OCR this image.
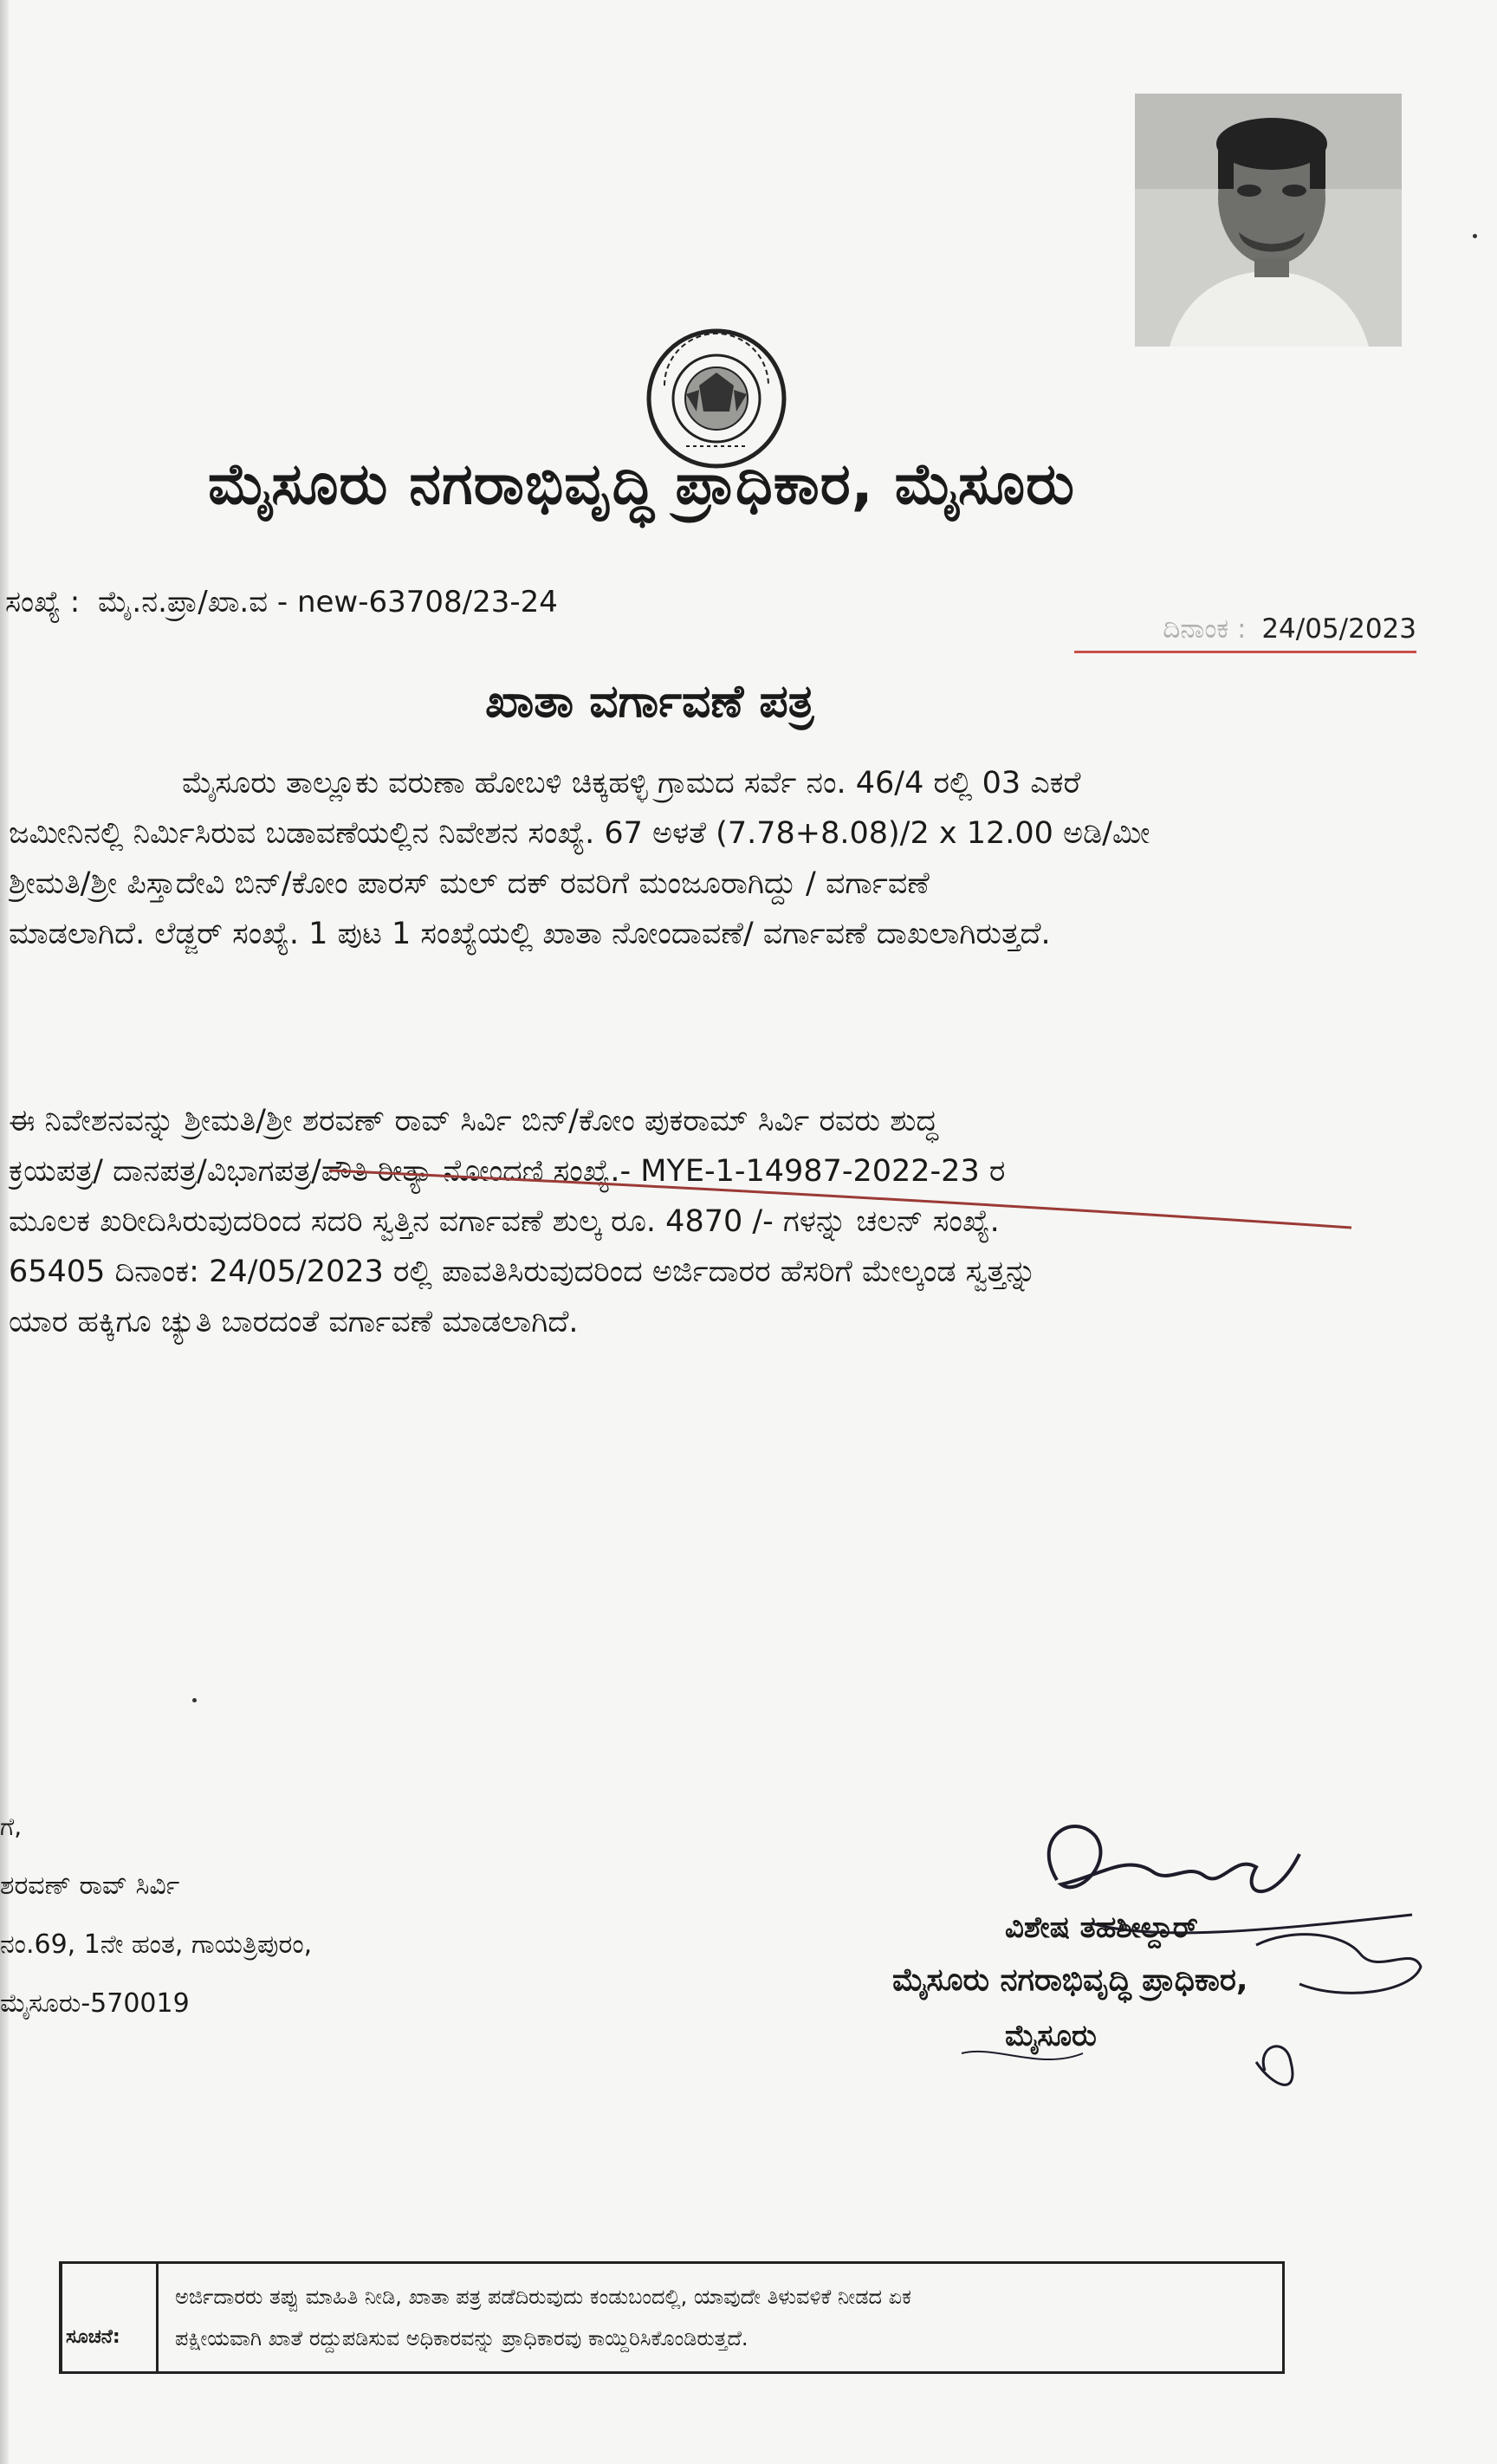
ಮೈಸೂರು ನಗರಾಭಿವೃದ್ಧಿ ಪ್ರಾಧಿಕಾರ, ಮೈಸೂರು
ಸಂಖ್ಯೆ : ಮೈ.ನ.ಪ್ರಾ/ಖಾ.ವ - new-63708/23-24
ದಿನಾಂಕ : 24/05/2023
ಖಾತಾ ವರ್ಗಾವಣೆ ಪತ್ರ
ಮೈಸೂರು ತಾಲ್ಲೂಕು ವರುಣಾ ಹೋಬಳಿ ಚಿಕ್ಕಹಳ್ಳಿ ಗ್ರಾಮದ ಸರ್ವೆ ನಂ. 46/4 ರಲ್ಲಿ 03 ಎಕರೆ
ಜಮೀನಿನಲ್ಲಿ ನಿರ್ಮಿಸಿರುವ ಬಡಾವಣೆಯಲ್ಲಿನ ನಿವೇಶನ ಸಂಖ್ಯೆ. 67 ಅಳತೆ (7.78+8.08)/2 x 12.00 ಅಡಿ/ಮೀ
ಶ್ರೀಮತಿ/ಶ್ರೀ ಪಿಸ್ತಾದೇವಿ ಬಿನ್/ಕೋಂ ಪಾರಸ್ ಮಲ್ ದಕ್ ರವರಿಗೆ ಮಂಜೂರಾಗಿದ್ದು / ವರ್ಗಾವಣೆ
ಮಾಡಲಾಗಿದೆ. ಲೆಡ್ಜರ್ ಸಂಖ್ಯೆ. 1 ಪುಟ 1 ಸಂಖ್ಯೆಯಲ್ಲಿ ಖಾತಾ ನೋಂದಾವಣೆ/ ವರ್ಗಾವಣೆ ದಾಖಲಾಗಿರುತ್ತದೆ.
ಈ ನಿವೇಶನವನ್ನು ಶ್ರೀಮತಿ/ಶ್ರೀ ಶರವಣ್ ರಾವ್ ಸಿರ್ವಿ ಬಿನ್/ಕೋಂ ಪುಕರಾಮ್ ಸಿರ್ವಿ ರವರು ಶುದ್ಧ
ಕ್ರಯಪತ್ರ/ ದಾನಪತ್ರ/ವಿಭಾಗಪತ್ರ/ಪೌತಿ ರೀತ್ಯಾ ನೋಂದಣಿ ಸಂಖ್ಯೆ.- MYE-1-14987-2022-23 ರ
ಮೂಲಕ ಖರೀದಿಸಿರುವುದರಿಂದ ಸದರಿ ಸ್ವತ್ತಿನ ವರ್ಗಾವಣೆ ಶುಲ್ಕ ರೂ. 4870 /- ಗಳನ್ನು ಚಲನ್ ಸಂಖ್ಯೆ.
65405 ದಿನಾಂಕ: 24/05/2023 ರಲ್ಲಿ ಪಾವತಿಸಿರುವುದರಿಂದ ಅರ್ಜಿದಾರರ ಹೆಸರಿಗೆ ಮೇಲ್ಕಂಡ ಸ್ವತ್ತನ್ನು
ಯಾರ ಹಕ್ಕಿಗೂ ಚ್ಯುತಿ ಬಾರದಂತೆ ವರ್ಗಾವಣೆ ಮಾಡಲಾಗಿದೆ.
ಗೆ,
ಶರವಣ್ ರಾವ್ ಸಿರ್ವಿ
ನಂ.69, 1ನೇ ಹಂತ, ಗಾಯತ್ರಿಪುರಂ,
ಮೈಸೂರು-570019
ವಿಶೇಷ ತಹಶೀಲ್ದಾರ್
ಮೈಸೂರು ನಗರಾಭಿವೃದ್ಧಿ ಪ್ರಾಧಿಕಾರ,
ಮೈಸೂರು
ಸೂಚನೆ:
ಅರ್ಜಿದಾರರು ತಪ್ಪು ಮಾಹಿತಿ ನೀಡಿ, ಖಾತಾ ಪತ್ರ ಪಡೆದಿರುವುದು ಕಂಡುಬಂದಲ್ಲಿ, ಯಾವುದೇ ತಿಳುವಳಿಕೆ ನೀಡದ ಏಕ
ಪಕ್ಷೀಯವಾಗಿ ಖಾತೆ ರದ್ದುಪಡಿಸುವ ಅಧಿಕಾರವನ್ನು ಪ್ರಾಧಿಕಾರವು ಕಾಯ್ದಿರಿಸಿಕೊಂಡಿರುತ್ತದೆ.
